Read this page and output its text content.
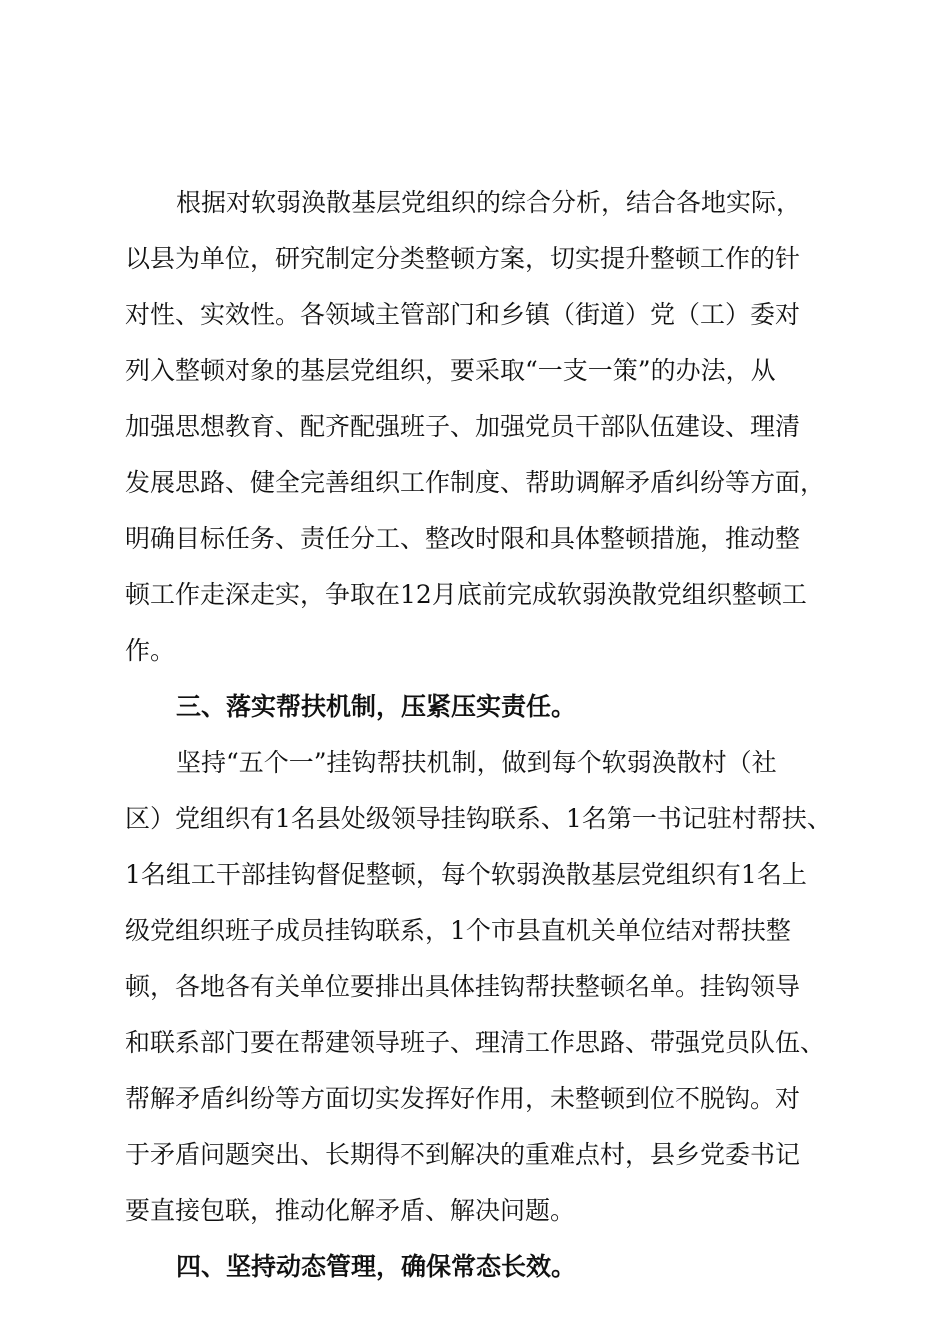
根据对软弱涣散基层党组织的综合分析，结合各地实际，
以县为单位，研究制定分类整顿方案，切实提升整顿工作的针
对性、实效性。各领域主管部门和乡镇（街道）党（工）委对
列入整顿对象的基层党组织，要采取“一支一策”的办法，从
加强思想教育、配齐配强班子、加强党员干部队伍建设、理清
发展思路、健全完善组织工作制度、帮助调解矛盾纠纷等方面，
明确目标任务、责任分工、整改时限和具体整顿措施，推动整
顿工作走深走实，争取在12月底前完成软弱涣散党组织整顿工
作。
三、落实帮扶机制，压紧压实责任。
坚持“五个一”挂钩帮扶机制，做到每个软弱涣散村（社
区）党组织有1名县处级领导挂钩联系、1名第一书记驻村帮扶、
1名组工干部挂钩督促整顿，每个软弱涣散基层党组织有1名上
级党组织班子成员挂钩联系，1个市县直机关单位结对帮扶整
顿，各地各有关单位要排出具体挂钩帮扶整顿名单。挂钩领导
和联系部门要在帮建领导班子、理清工作思路、带强党员队伍、
帮解矛盾纠纷等方面切实发挥好作用，未整顿到位不脱钩。对
于矛盾问题突出、长期得不到解决的重难点村，县乡党委书记
要直接包联，推动化解矛盾、解决问题。
四、坚持动态管理，确保常态长效。
